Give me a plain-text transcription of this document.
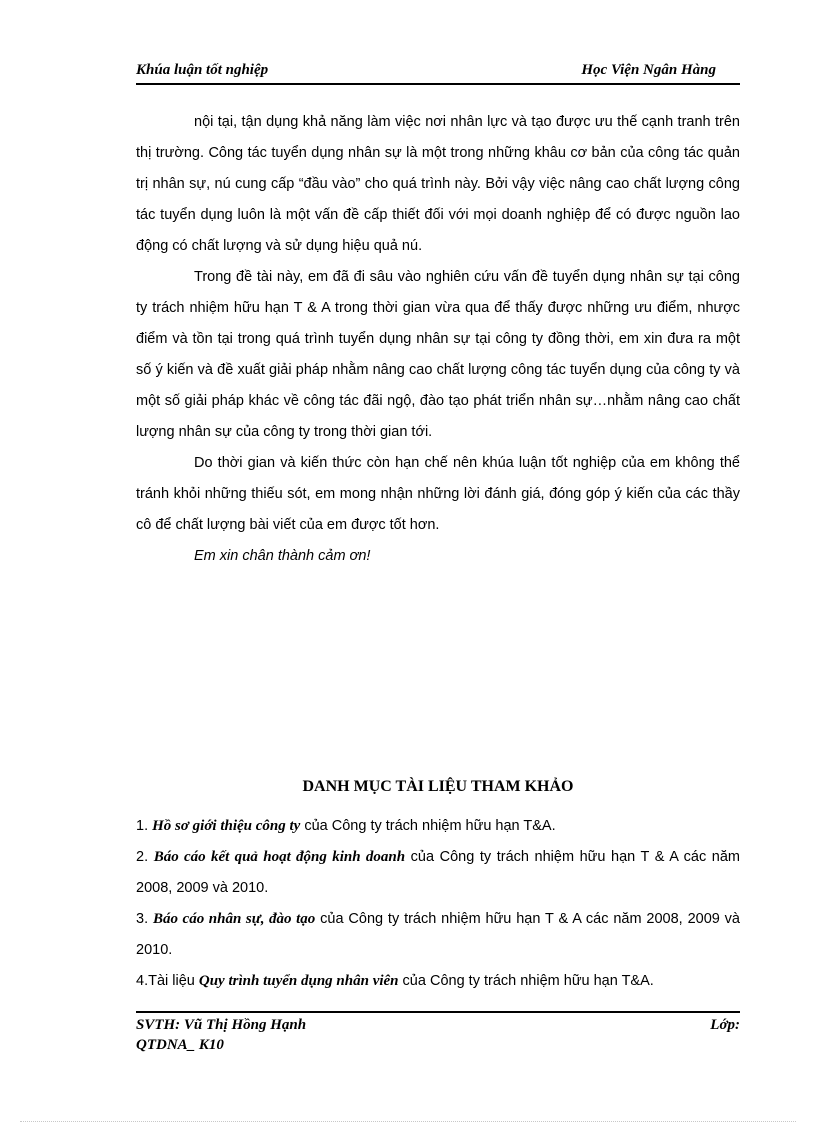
Khúa luận tốt nghiệp	Học Viện Ngân Hàng

nội tại, tận dụng khả năng làm việc nơi nhân lực và tạo được ưu thế cạnh tranh trên thị trường. Công tác tuyển dụng nhân sự là một trong những khâu cơ bản của công tác quản trị nhân sự, nú cung cấp “đầu vào” cho quá trình này. Bởi vậy việc nâng cao chất lượng công tác tuyển dụng luôn là một vấn đề cấp thiết đối với mọi doanh nghiệp để có được nguồn lao động có chất lượng và sử dụng hiệu quả nú.

Trong đề tài này, em đã đi sâu vào nghiên cứu vấn đề tuyển dụng nhân sự tại công ty trách nhiệm hữu hạn T & A trong thời gian vừa qua để thấy được những ưu điểm, nhược điểm và tồn tại trong quá trình tuyển dụng nhân sự tại công ty đồng thời, em xin đưa ra một số ý kiến và đề xuất giải pháp nhằm nâng cao chất lượng công tác tuyển dụng của công ty và một số giải pháp khác về công tác đãi ngộ, đào tạo phát triển nhân sự…nhằm nâng cao chất lượng nhân sự của công ty trong thời gian tới.

Do thời gian và kiến thức còn hạn chế nên khúa luận tốt nghiệp của em không thể tránh khỏi những thiếu sót, em mong nhận những lời đánh giá, đóng góp ý kiến của các thầy cô để chất lượng bài viết của em được tốt hơn.

Em xin chân thành cảm ơn!

DANH MỤC TÀI LIỆU THAM KHẢO

1. Hồ sơ giới thiệu công ty của Công ty trách nhiệm hữu hạn T&A.

2. Báo cáo kết quả hoạt động kinh doanh của Công ty trách nhiệm hữu hạn T & A các năm 2008, 2009 và 2010.

3. Báo cáo nhân sự, đào tạo của Công ty trách nhiệm hữu hạn T & A các năm 2008, 2009 và 2010.

4.Tài liệu Quy trình tuyển dụng nhân viên của Công ty trách nhiệm hữu hạn T&A.

SVTH: Vũ Thị Hồng Hạnh	Lớp:
QTDNA_ K10
